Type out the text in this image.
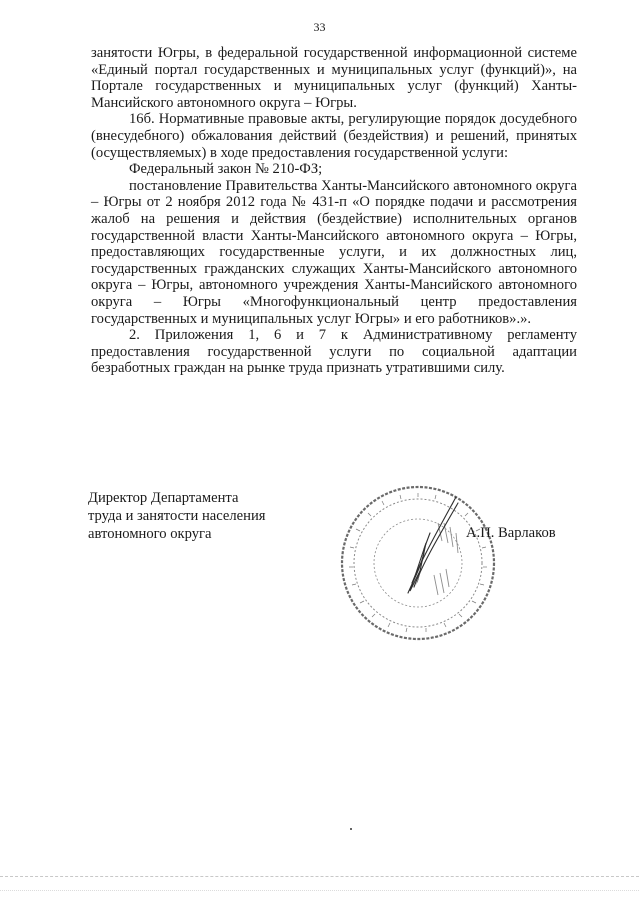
33

занятости Югры, в федеральной государственной информационной системе «Единый портал государственных и муниципальных услуг (функций)», на Портале государственных и муниципальных услуг (функций) Ханты-Мансийского автономного округа – Югры.

16б. Нормативные правовые акты, регулирующие порядок досудебного (внесудебного) обжалования действий (бездействия) и решений, принятых (осуществляемых) в ходе предоставления государственной услуги:

Федеральный закон № 210-ФЗ;

постановление Правительства Ханты-Мансийского автономного округа – Югры от 2 ноября 2012 года № 431-п «О порядке подачи и рассмотрения жалоб на решения и действия (бездействие) исполнительных органов государственной власти Ханты-Мансийского автономного округа – Югры, предоставляющих государственные услуги, и их должностных лиц, государственных гражданских служащих Ханты-Мансийского автономного округа – Югры, автономного учреждения Ханты-Мансийского автономного округа – Югры «Многофункциональный центр предоставления государственных и муниципальных услуг Югры» и его работников».».

2. Приложения 1, 6 и 7 к Административному регламенту предоставления государственной услуги по социальной адаптации безработных граждан на рынке труда признать утратившими силу.

Директор Департамента
труда и занятости населения
автономного округа	А.П. Варлаков
